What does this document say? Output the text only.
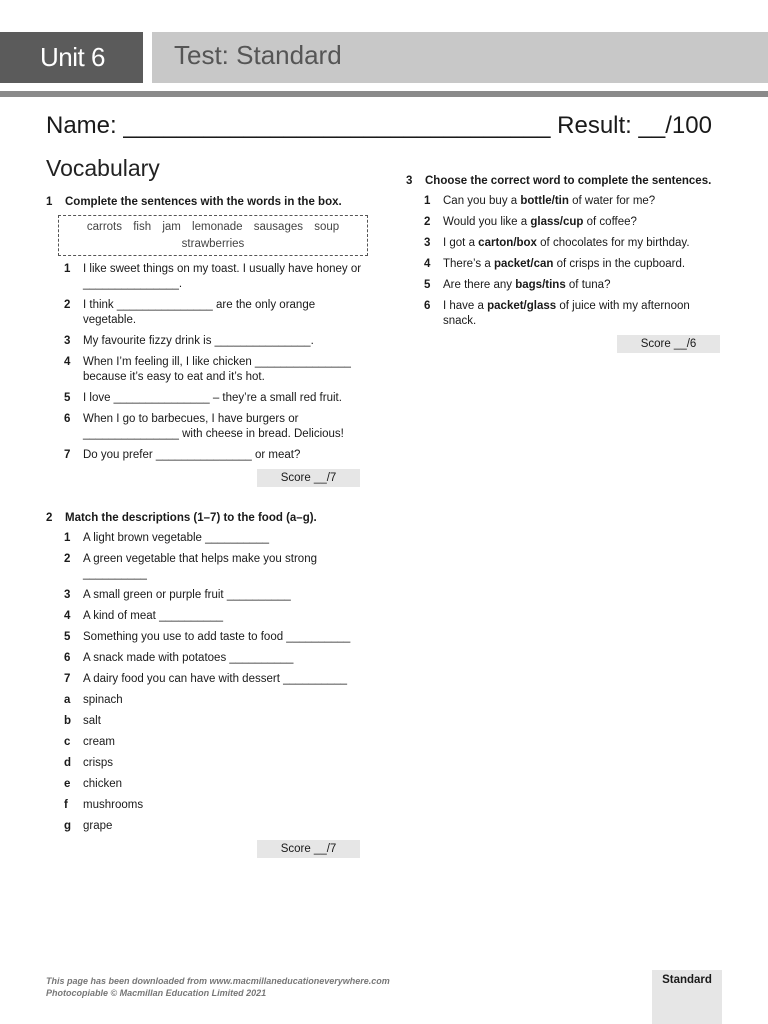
Unit 6	Test: Standard
Name: ________________________________ Result: __/100
Vocabulary
1 Complete the sentences with the words in the box.
carrots fish jam lemonade sausages soup strawberries
1 I like sweet things on my toast. I usually have honey or _______________.
2 I think _______________ are the only orange vegetable.
3 My favourite fizzy drink is _______________.
4 When I’m feeling ill, I like chicken _______________ because it’s easy to eat and it’s hot.
5 I love _______________ – they’re a small red fruit.
6 When I go to barbecues, I have burgers or _______________ with cheese in bread. Delicious!
7 Do you prefer _______________ or meat?
Score __/7
2 Match the descriptions (1–7) to the food (a–g).
1 A light brown vegetable __________
2 A green vegetable that helps make you strong __________
3 A small green or purple fruit __________
4 A kind of meat __________
5 Something you use to add taste to food __________
6 A snack made with potatoes __________
7 A dairy food you can have with dessert __________
a spinach
b salt
c cream
d crisps
e chicken
f mushrooms
g grape
Score __/7
3 Choose the correct word to complete the sentences.
1 Can you buy a bottle/tin of water for me?
2 Would you like a glass/cup of coffee?
3 I got a carton/box of chocolates for my birthday.
4 There’s a packet/can of crisps in the cupboard.
5 Are there any bags/tins of tuna?
6 I have a packet/glass of juice with my afternoon snack.
Score __/6
This page has been downloaded from www.macmillaneducationeverywhere.com
Photocopiable © Macmillan Education Limited 2021
Standard
